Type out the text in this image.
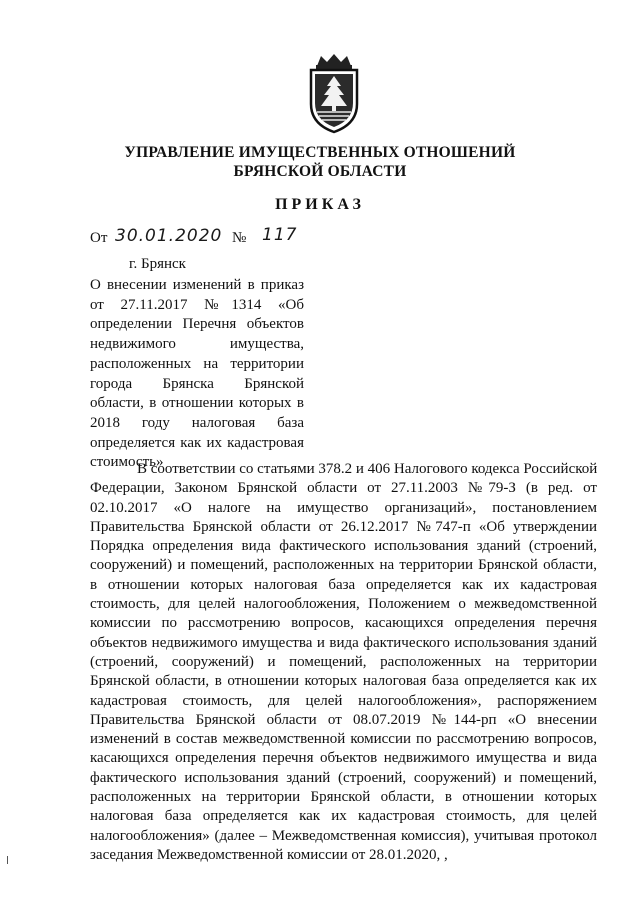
УПРАВЛЕНИЕ ИМУЩЕСТВЕННЫХ ОТНОШЕНИЙ
БРЯНСКОЙ ОБЛАСТИ
ПРИКАЗ
От 30.01.2020 № 117
г. Брянск
О внесении изменений в приказ
от 27.11.2017 №1314 «Об
определении Перечня объектов
недвижимого имущества,
расположенных на территории
города Брянска Брянской
области, в отношении которых в
2018 году налоговая база
определяется как их кадастровая
стоимость»
В соответствии со статьями 378.2 и 406 Налогового кодекса Российской
Федерации, Законом Брянской области от 27.11.2003 №79-З (в ред. от
02.10.2017 «О налоге на имущество организаций», постановлением
Правительства Брянской области от 26.12.2017 №747-п «Об утверждении
Порядка определения вида фактического использования зданий (строений,
сооружений) и помещений, расположенных на территории Брянской области,
в отношении которых налоговая база определяется как их кадастровая
стоимость, для целей налогообложения, Положением о межведомственной
комиссии по рассмотрению вопросов, касающихся определения перечня
объектов недвижимого имущества и вида фактического использования зданий
(строений, сооружений) и помещений, расположенных на территории
Брянской области, в отношении которых налоговая база определяется как их
кадастровая стоимость, для целей налогообложения», распоряжением
Правительства Брянской области от 08.07.2019 №144-рп «О внесении
изменений в состав межведомственной комиссии по рассмотрению вопросов,
касающихся определения перечня объектов недвижимого имущества и вида
фактического использования зданий (строений, сооружений) и помещений,
расположенных на территории Брянской области, в отношении которых
налоговая база определяется как их кадастровая стоимость, для целей
налогообложения» (далее – Межведомственная комиссия), учитывая протокол
заседания Межведомственной комиссии от 28.01.2020, ,
